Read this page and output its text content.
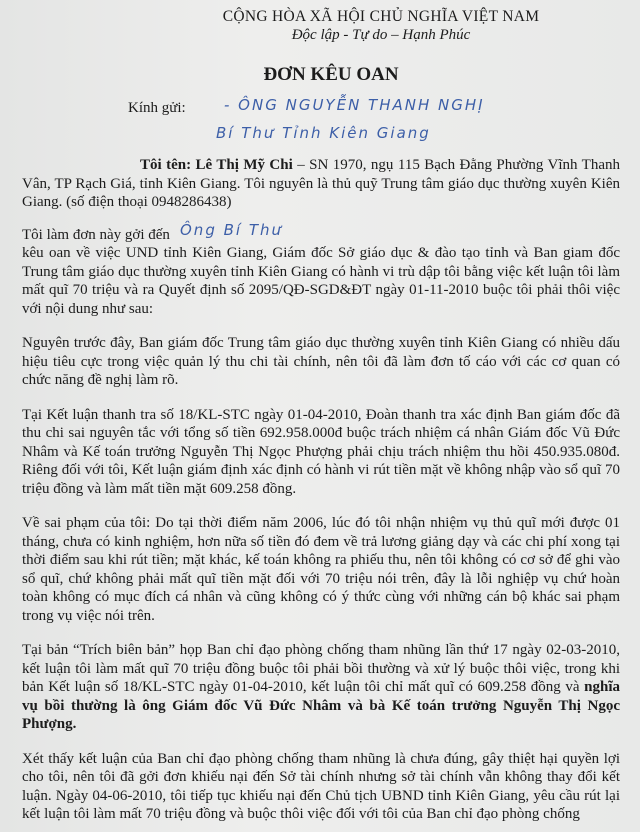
CỘNG HÒA XÃ HỘI CHỦ NGHĨA VIỆT NAM
Độc lập - Tự do – Hạnh Phúc
ĐƠN KÊU OAN
Kính gửi:	- ÔNG NGUYỄN THANH NGHỊ
Bí Thư Tỉnh Kiên Giang
Tôi tên: Lê Thị Mỹ Chi – SN 1970, ngụ 115 Bạch Đằng Phường Vĩnh Thanh Vân, TP Rạch Giá, tỉnh Kiên Giang. Tôi nguyên là thủ quỹ Trung tâm giáo dục thường xuyên Kiên Giang. (số điện thoại 0948286438)
Tôi làm đơn này gởi đến Ông Bí Thư
kêu oan về việc UND tỉnh Kiên Giang, Giám đốc Sở giáo dục & đào tạo tỉnh và Ban giam đốc Trung tâm giáo dục thường xuyên tỉnh Kiên Giang có hành vi trù dập tôi bằng việc kết luận tôi làm mất quĩ 70 triệu và ra Quyết định số 2095/QĐ-SGD&ĐT ngày 01-11-2010 buộc tôi phải thôi việc với nội dung như sau:
Nguyên trước đây, Ban giám đốc Trung tâm giáo dục thường xuyên tỉnh Kiên Giang có nhiều dấu hiệu tiêu cực trong việc quản lý thu chi tài chính, nên tôi đã làm đơn tố cáo với các cơ quan có chức năng đề nghị làm rõ.
Tại Kết luận thanh tra số 18/KL-STC ngày 01-04-2010, Đoàn thanh tra xác định Ban giám đốc đã thu chi sai nguyên tắc với tổng số tiền 692.958.000đ buộc trách nhiệm cá nhân Giám đốc Vũ Đức Nhâm và Kế toán trưởng Nguyễn Thị Ngọc Phượng phải chịu trách nhiệm thu hồi 450.935.080đ. Riêng đối với tôi, Kết luận giám định xác định có hành vi rút tiền mặt về không nhập vào sổ quĩ 70 triệu đồng và làm mất tiền mặt 609.258 đồng.
Về sai phạm của tôi: Do tại thời điểm năm 2006, lúc đó tôi nhận nhiệm vụ thủ quĩ mới được 01 tháng, chưa có kinh nghiệm, hơn nữa số tiền đó đem về trả lương giảng dạy và các chi phí xong tại thời điểm sau khi rút tiền; mặt khác, kế toán không ra phiếu thu, nên tôi không có cơ sở để ghi vào sổ quĩ, chứ không phải mất quĩ tiền mặt đối với 70 triệu nói trên, đây là lỗi nghiệp vụ chứ hoàn toàn không có mục đích cá nhân và cũng không có ý thức cùng với những cán bộ khác sai phạm trong vụ việc nói trên.
Tại bản “Trích biên bản” họp Ban chỉ đạo phòng chống tham nhũng lần thứ 17 ngày 02-03-2010, kết luận tôi làm mất quĩ 70 triệu đồng buộc tôi phải bồi thường và xử lý buộc thôi việc, trong khi bản Kết luận số 18/KL-STC ngày 01-04-2010, kết luận tôi chỉ mất quĩ có 609.258 đồng và nghĩa vụ bồi thường là ông Giám đốc Vũ Đức Nhâm và bà Kế toán trưởng Nguyễn Thị Ngọc Phượng.
Xét thấy kết luận của Ban chỉ đạo phòng chống tham nhũng là chưa đúng, gây thiệt hại quyền lợi cho tôi, nên tôi đã gởi đơn khiếu nại đến Sở tài chính nhưng sở tài chính vẫn không thay đổi kết luận. Ngày 04-06-2010, tôi tiếp tục khiếu nại đến Chủ tịch UBND tỉnh Kiên Giang, yêu cầu rút lại kết luận tôi làm mất 70 triệu đồng và buộc thôi việc đối với tôi của Ban chỉ đạo phòng chống
